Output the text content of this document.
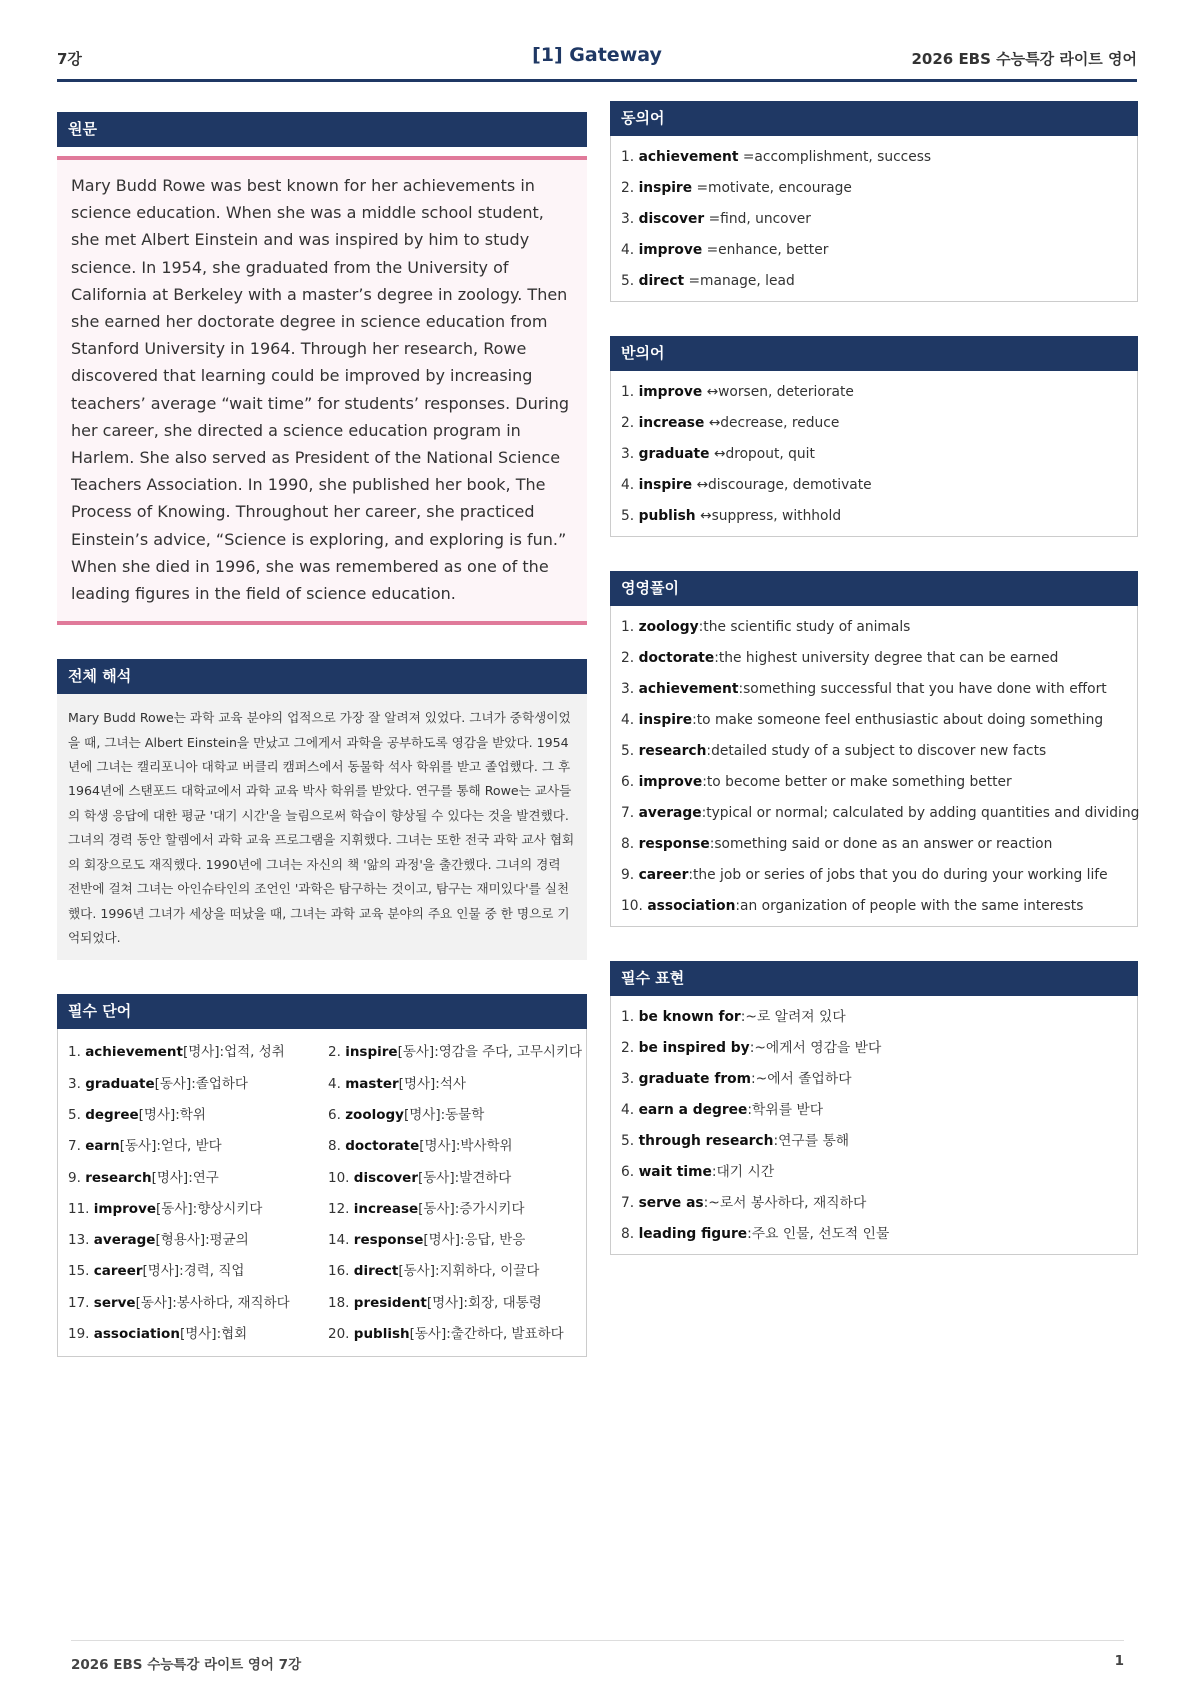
7강	[1] Gateway	2026 EBS 수능특강 라이트 영어
원문

Mary Budd Rowe was best known for her achievements in science education. When she was a middle school student, she met Albert Einstein and was inspired by him to study science. In 1954, she graduated from the University of California at Berkeley with a master’s degree in zoology. Then she earned her doctorate degree in science education from Stanford University in 1964. Through her research, Rowe discovered that learning could be improved by increasing teachers’ average “wait time” for students’ responses. During her career, she directed a science education program in Harlem. She also served as President of the National Science Teachers Association. In 1990, she published her book, The Process of Knowing. Throughout her career, she practiced Einstein’s advice, “Science is exploring, and exploring is fun.” When she died in 1996, she was remembered as one of the leading figures in the field of science education.

전체 해석

Mary Budd Rowe는 과학 교육 분야의 업적으로 가장 잘 알려져 있었다. 그녀가 중학생이었을 때, 그녀는 Albert Einstein을 만났고 그에게서 과학을 공부하도록 영감을 받았다. 1954년에 그녀는 캘리포니아 대학교 버클리 캠퍼스에서 동물학 석사 학위를 받고 졸업했다. 그 후 1964년에 스탠포드 대학교에서 과학 교육 박사 학위를 받았다. 연구를 통해 Rowe는 교사들의 학생 응답에 대한 평균 '대기 시간'을 늘림으로써 학습이 향상될 수 있다는 것을 발견했다. 그녀의 경력 동안 할렘에서 과학 교육 프로그램을 지휘했다. 그녀는 또한 전국 과학 교사 협회의 회장으로도 재직했다. 1990년에 그녀는 자신의 책 '앎의 과정'을 출간했다. 그녀의 경력 전반에 걸쳐 그녀는 아인슈타인의 조언인 '과학은 탐구하는 것이고, 탐구는 재미있다'를 실천했다. 1996년 그녀가 세상을 떠났을 때, 그녀는 과학 교육 분야의 주요 인물 중 한 명으로 기억되었다.

필수 단어
1. achievement[명사]:업적, 성취	2. inspire[동사]:영감을 주다, 고무시키다
3. graduate[동사]:졸업하다	4. master[명사]:석사
5. degree[명사]:학위	6. zoology[명사]:동물학
7. earn[동사]:얻다, 받다	8. doctorate[명사]:박사학위
9. research[명사]:연구	10. discover[동사]:발견하다
11. improve[동사]:향상시키다	12. increase[동사]:증가시키다
13. average[형용사]:평균의	14. response[명사]:응답, 반응
15. career[명사]:경력, 직업	16. direct[동사]:지휘하다, 이끌다
17. serve[동사]:봉사하다, 재직하다	18. president[명사]:회장, 대통령
19. association[명사]:협회	20. publish[동사]:출간하다, 발표하다
동의어
1. achievement =accomplishment, success
2. inspire =motivate, encourage
3. discover =find, uncover
4. improve =enhance, better
5. direct =manage, lead
반의어
1. improve ↔worsen, deteriorate
2. increase ↔decrease, reduce
3. graduate ↔dropout, quit
4. inspire ↔discourage, demotivate
5. publish ↔suppress, withhold
영영풀이
1. zoology:the scientific study of animals
2. doctorate:the highest university degree that can be earned
3. achievement:something successful that you have done with effort
4. inspire:to make someone feel enthusiastic about doing something
5. research:detailed study of a subject to discover new facts
6. improve:to become better or make something better
7. average:typical or normal; calculated by adding quantities and dividing
8. response:something said or done as an answer or reaction
9. career:the job or series of jobs that you do during your working life
10. association:an organization of people with the same interests
필수 표현
1. be known for:~로 알려져 있다
2. be inspired by:~에게서 영감을 받다
3. graduate from:~에서 졸업하다
4. earn a degree:학위를 받다
5. through research:연구를 통해
6. wait time:대기 시간
7. serve as:~로서 봉사하다, 재직하다
8. leading figure:주요 인물, 선도적 인물
2026 EBS 수능특강 라이트 영어 7강	1
